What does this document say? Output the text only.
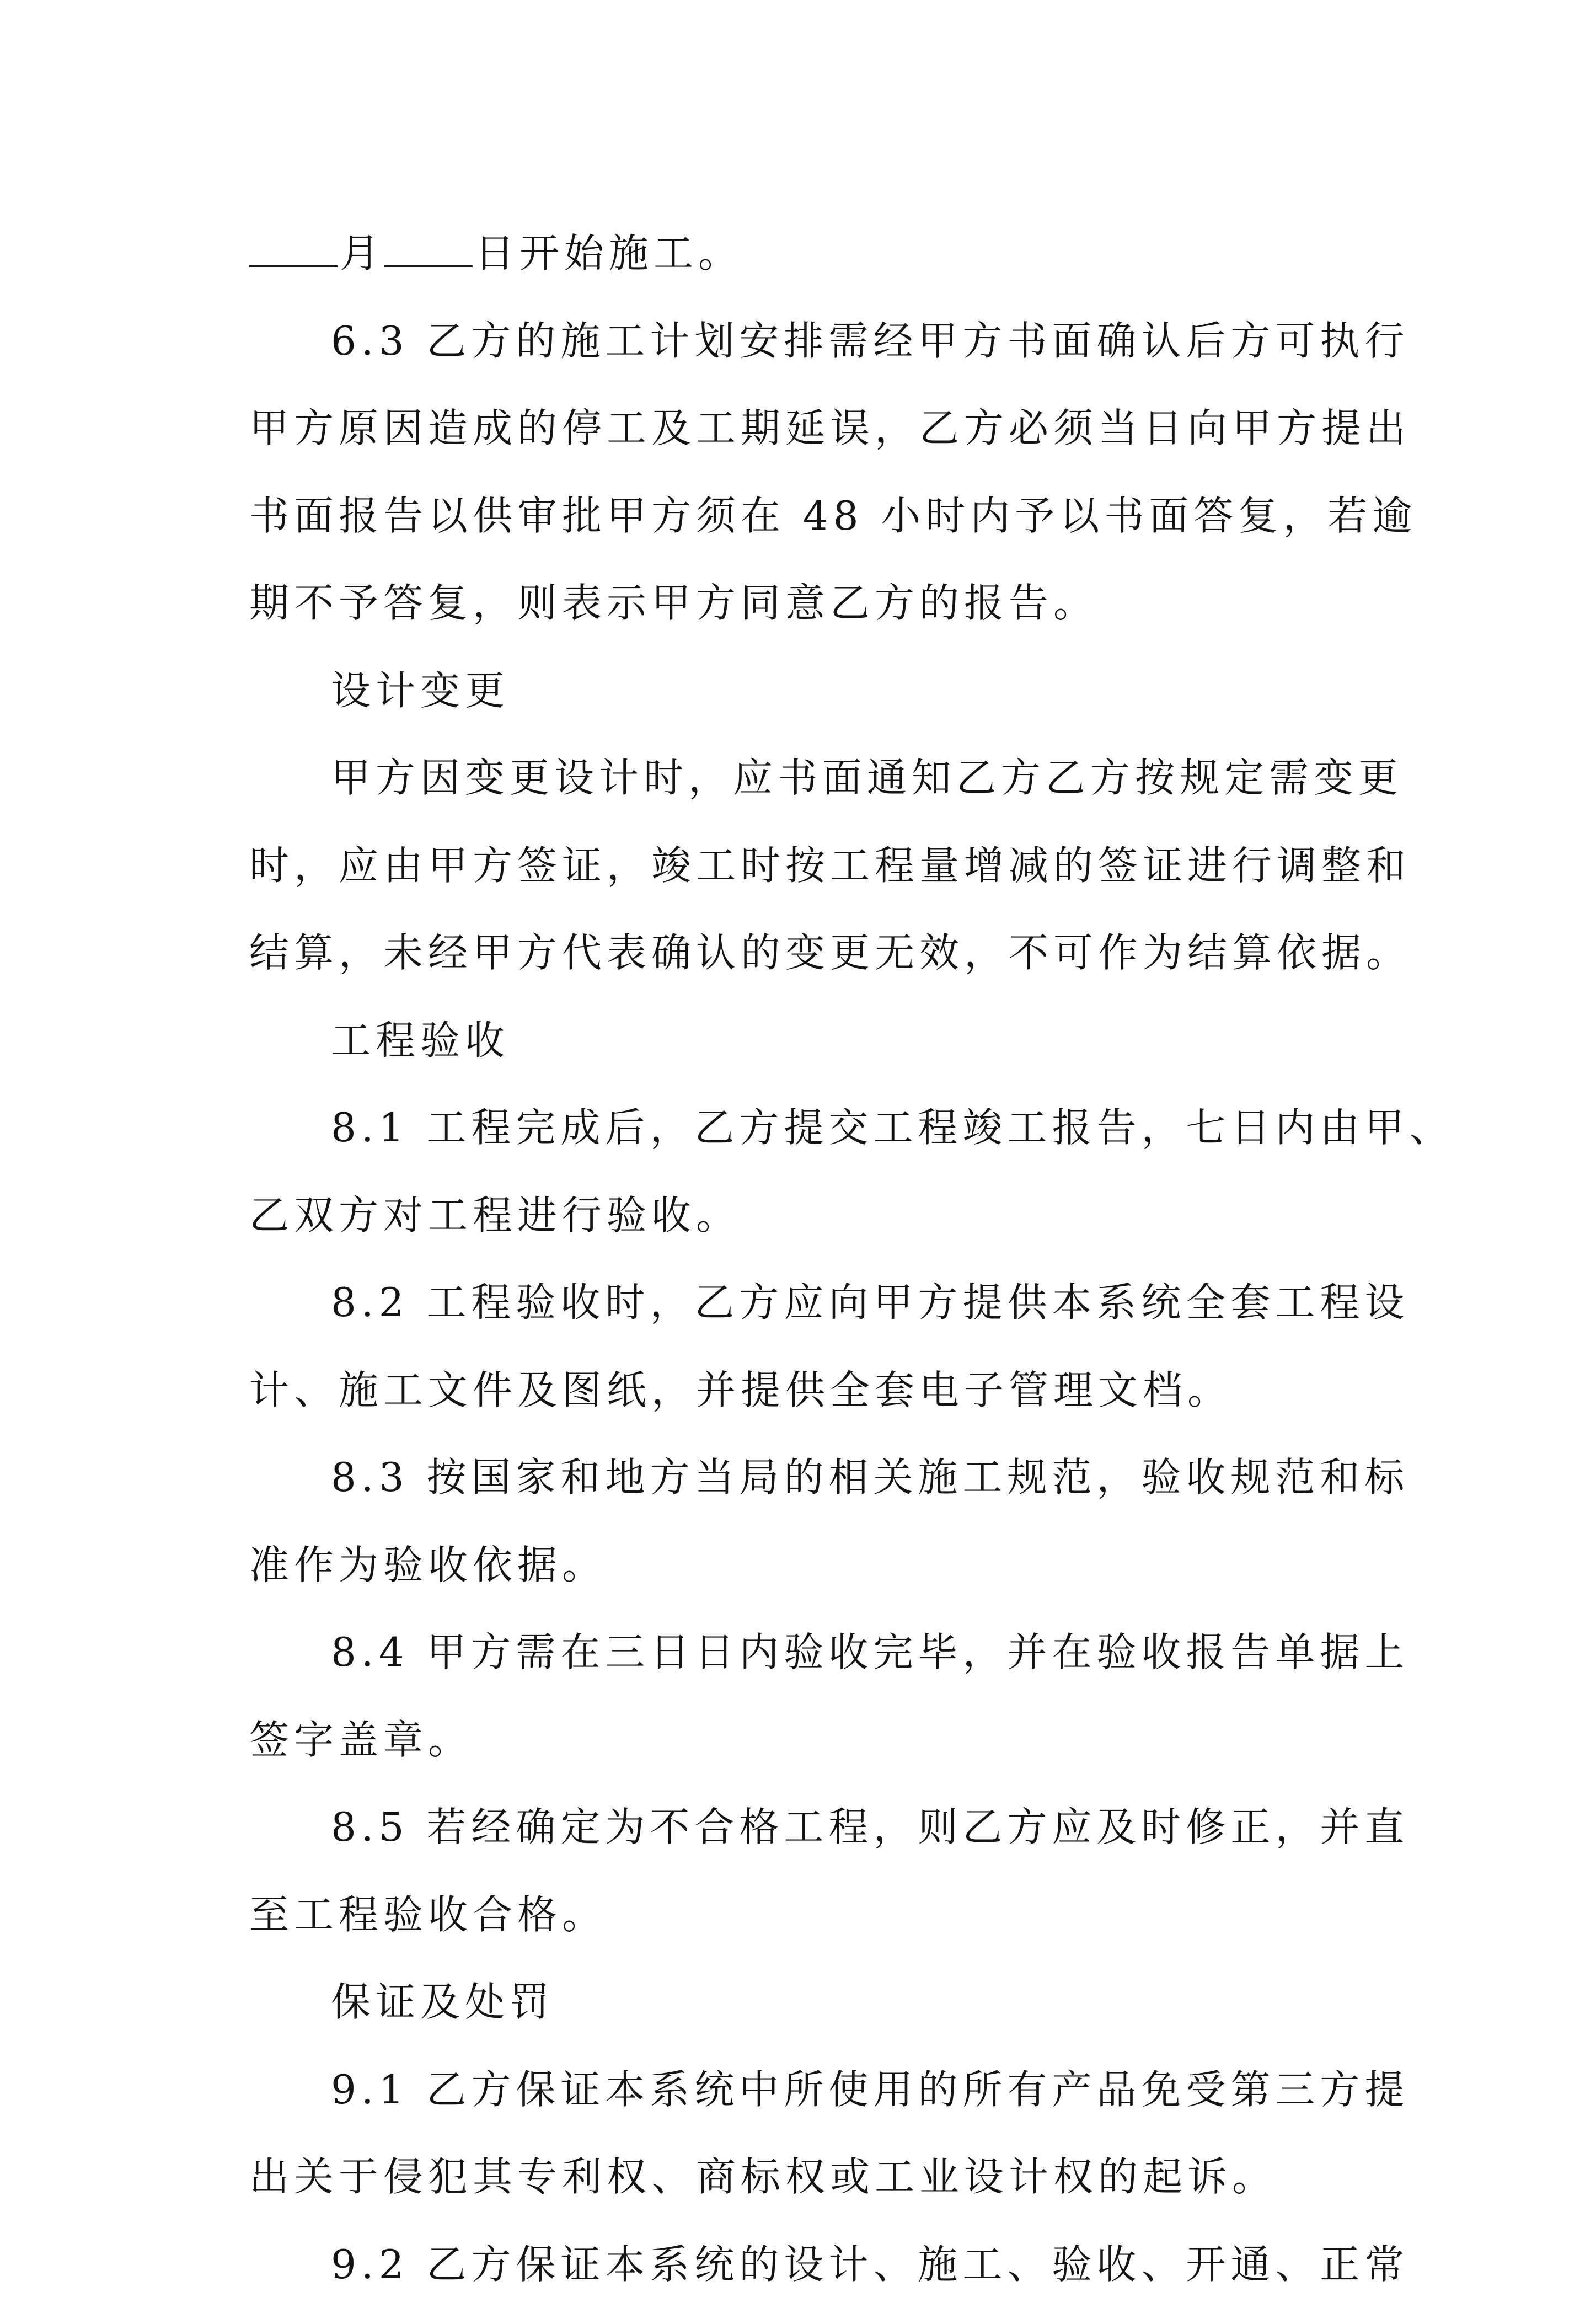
月 日开始施工。
6.3 乙方的施工计划安排需经甲方书面确认后方可执行
甲方原因造成的停工及工期延误，乙方必须当日向甲方提出
书面报告以供审批甲方须在 48 小时内予以书面答复，若逾
期不予答复，则表示甲方同意乙方的报告。
设计变更
甲方因变更设计时，应书面通知乙方乙方按规定需变更
时，应由甲方签证，竣工时按工程量增减的签证进行调整和
结算，未经甲方代表确认的变更无效，不可作为结算依据。
工程验收
8.1 工程完成后，乙方提交工程竣工报告，七日内由甲、
乙双方对工程进行验收。
8.2 工程验收时，乙方应向甲方提供本系统全套工程设
计、施工文件及图纸，并提供全套电子管理文档。
8.3 按国家和地方当局的相关施工规范，验收规范和标
准作为验收依据。
8.4 甲方需在三日日内验收完毕，并在验收报告单据上
签字盖章。
8.5 若经确定为不合格工程，则乙方应及时修正，并直
至工程验收合格。
保证及处罚
9.1 乙方保证本系统中所使用的所有产品免受第三方提
出关于侵犯其专利权、商标权或工业设计权的起诉。
9.2 乙方保证本系统的设计、施工、验收、开通、正常
